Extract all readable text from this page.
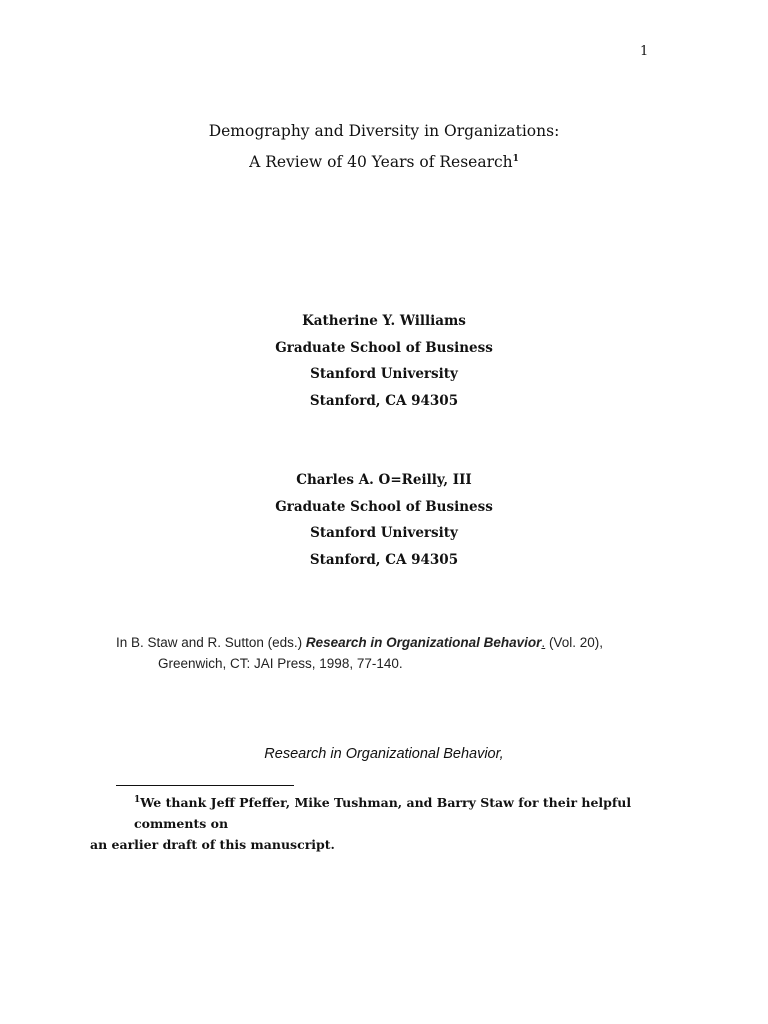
1
Demography and Diversity in Organizations:
A Review of 40 Years of Research$^1$
Katherine Y. Williams
Graduate School of Business
Stanford University
Stanford, CA 94305
Charles A. O=Reilly, III
Graduate School of Business
Stanford University
Stanford, CA 94305
In B. Staw and R. Sutton (eds.) Research in Organizational Behavior. (Vol. 20),
Greenwich, CT: JAI Press, 1998, 77-140.
Research in Organizational Behavior,
$^1$We thank Jeff Pfeffer, Mike Tushman, and Barry Staw for their helpful comments on
an earlier draft of this manuscript.
